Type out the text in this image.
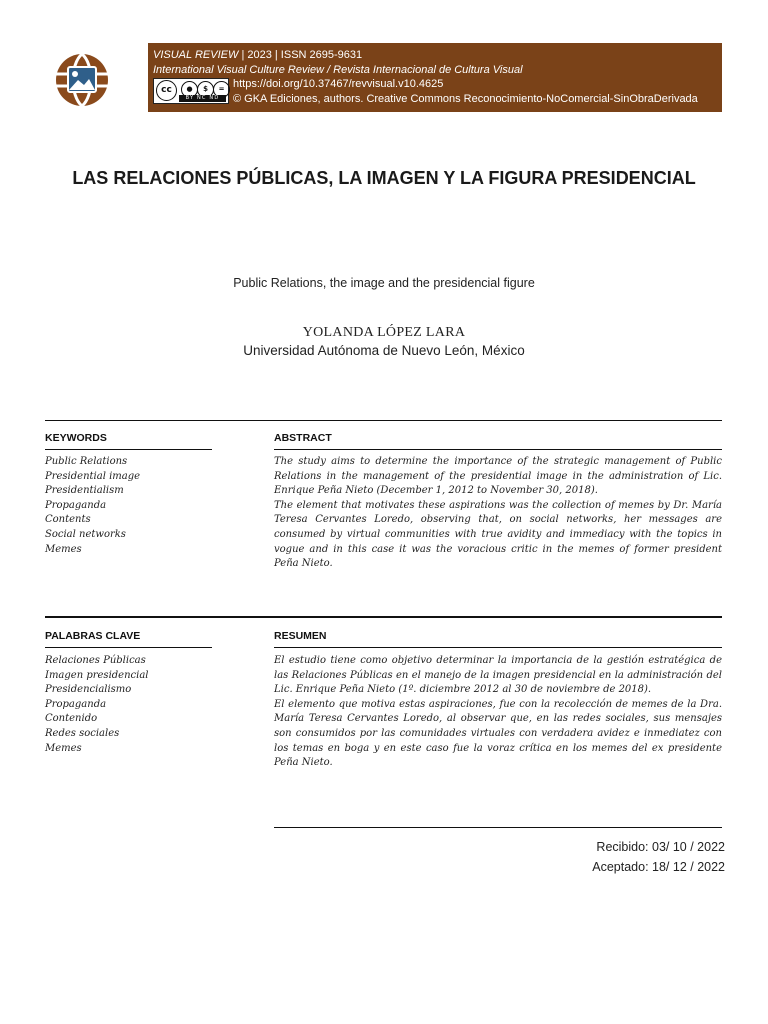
VISUAL REVIEW | 2023 | ISSN 2695-9631
International Visual Culture Review / Revista Internacional de Cultura Visual
cc	●	$	=
BY NC ND
https://doi.org/10.37467/revvisual.v10.4625
© GKA Ediciones, authors. Creative Commons Reconocimiento-NoComercial-SinObraDerivada
LAS RELACIONES PÚBLICAS, LA IMAGEN Y LA FIGURA PRESIDENCIAL
Public Relations, the image and the presidencial figure
YOLANDA LÓPEZ LARA
Universidad Autónoma de Nuevo León, México
KEYWORDS	ABSTRACT
Public Relations
Presidential image
Presidentialism
Propaganda
Contents
Social networks
Memes

The study aims to determine the importance of the strategic management of Public Relations in the management of the presidential image in the administration of Lic. Enrique Peña Nieto (December 1, 2012 to November 30, 2018).

The element that motivates these aspirations was the collection of memes by Dr. María Teresa Cervantes Loredo, observing that, on social networks, her messages are consumed by virtual communities with true avidity and immediacy with the topics in vogue and in this case it was the voracious critic in the memes of former president Peña Nieto.

PALABRAS CLAVE	RESUMEN
Relaciones Públicas
Imagen presidencial
Presidencialismo
Propaganda
Contenido
Redes sociales
Memes

El estudio tiene como objetivo determinar la importancia de la gestión estratégica de las Relaciones Públicas en el manejo de la imagen presidencial en la administración del Lic. Enrique Peña Nieto (1º. diciembre 2012 al 30 de noviembre de 2018).

El elemento que motiva estas aspiraciones, fue con la recolección de memes de la Dra. María Teresa Cervantes Loredo, al observar que, en las redes sociales, sus mensajes son consumidos por las comunidades virtuales con verdadera avidez e inmediatez con los temas en boga y en este caso fue la voraz crítica en los memes del ex presidente Peña Nieto.

Recibido: 03/ 10 / 2022
Aceptado: 18/ 12 / 2022
